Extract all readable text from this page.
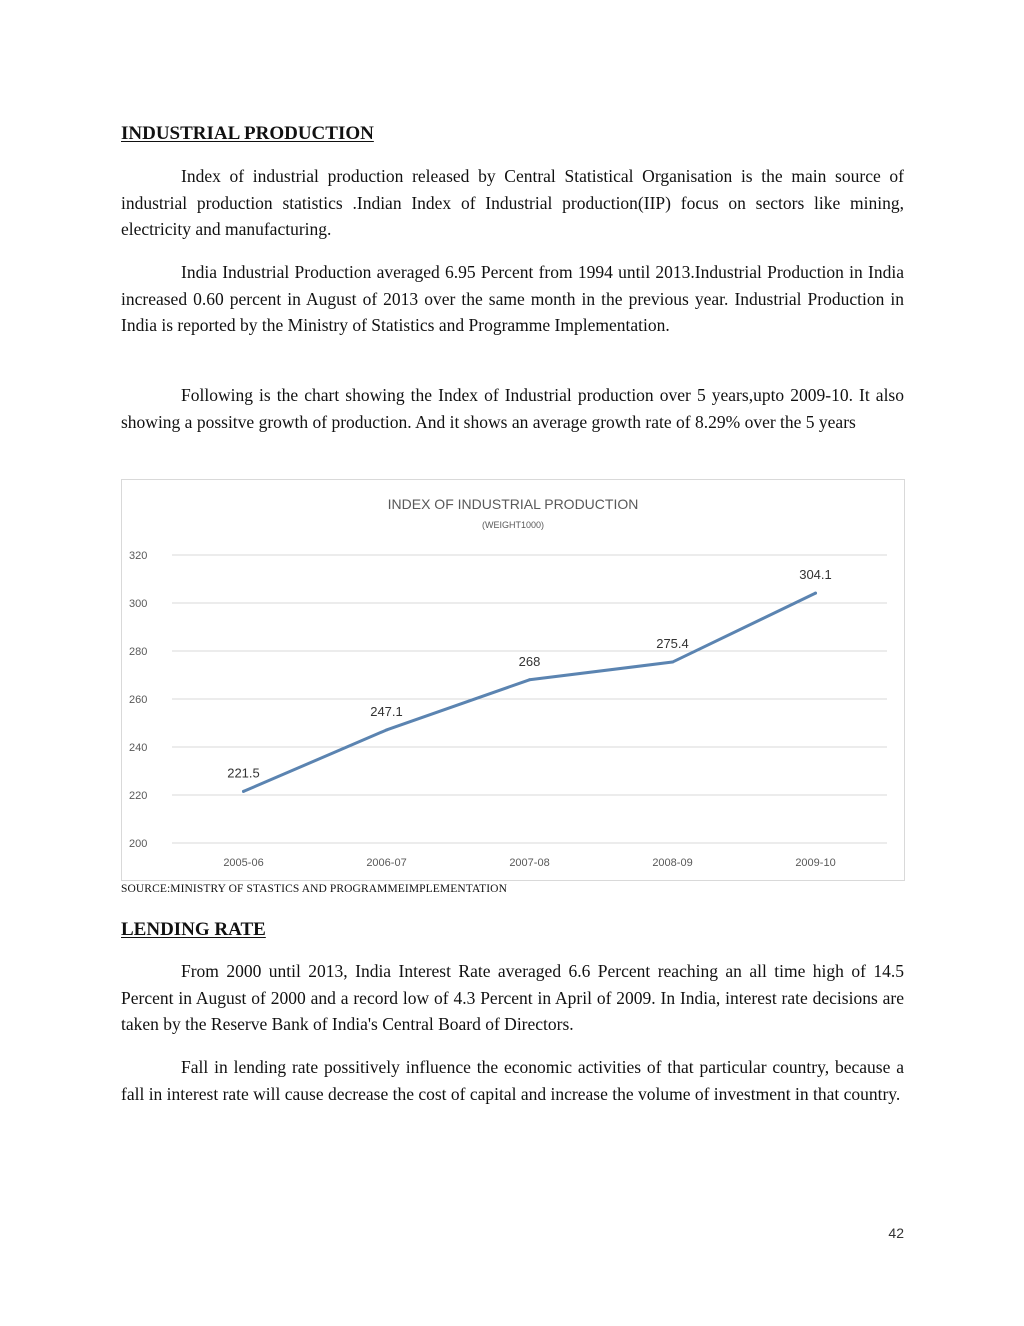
INDUSTRIAL PRODUCTION

Index of industrial production released by Central Statistical Organisation is the main source of industrial production statistics .Indian Index of Industrial production(IIP) focus on sectors like mining, electricity and manufacturing.

India Industrial Production averaged 6.95 Percent from 1994 until 2013.Industrial Production in India increased 0.60 percent in August of 2013 over the same month in the previous year. Industrial Production in India is reported by the Ministry of Statistics and Programme Implementation.

Following is the chart showing the Index of Industrial production over 5 years,upto 2009-10. It also showing a possitve growth of production. And it shows an average growth rate of 8.29% over the 5 years

INDEX OF INDUSTRIAL PRODUCTION

(WEIGHT1000)

200
220
240
260
280
300
320
2005-06	2006-07	2007-08	2008-09	2009-10
221.5
247.1
268
275.4
304.1

SOURCE:MINISTRY OF STASTICS AND PROGRAMMEIMPLEMENTATION

LENDING RATE

From 2000 until 2013, India Interest Rate averaged 6.6 Percent reaching an all time high of 14.5 Percent in August of 2000 and a record low of 4.3 Percent in April of 2009. In India, interest rate decisions are taken by the Reserve Bank of India's Central Board of Directors.

Fall in lending rate possitively influence the economic activities of that particular country, because a fall in interest rate will cause decrease the cost of capital and increase the volume of investment in that country.

42
